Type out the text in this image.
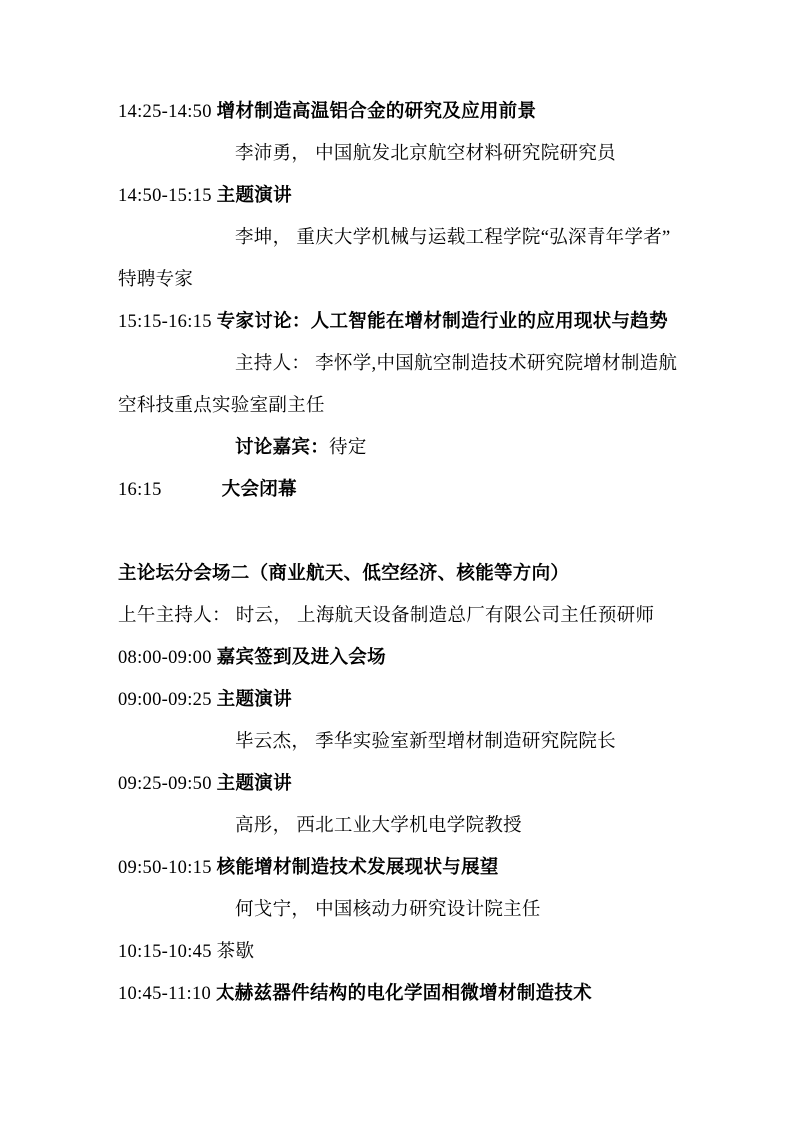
14:25-14:50 增材制造高温铝合金的研究及应用前景
李沛勇， 中国航发北京航空材料研究院研究员
14:50-15:15 主题演讲
李坤， 重庆大学机械与运载工程学院“弘深青年学者”
特聘专家
15:15-16:15 专家讨论：人工智能在增材制造行业的应用现状与趋势
主持人： 李怀学,中国航空制造技术研究院增材制造航
空科技重点实验室副主任
讨论嘉宾：待定
16:15	大会闭幕
主论坛分会场二（商业航天、低空经济、核能等方向）
上午主持人： 时云， 上海航天设备制造总厂有限公司主任预研师
08:00-09:00 嘉宾签到及进入会场
09:00-09:25 主题演讲
毕云杰， 季华实验室新型增材制造研究院院长
09:25-09:50 主题演讲
高彤， 西北工业大学机电学院教授
09:50-10:15 核能增材制造技术发展现状与展望
何戈宁， 中国核动力研究设计院主任
10:15-10:45 茶歇
10:45-11:10 太赫兹器件结构的电化学固相微增材制造技术
